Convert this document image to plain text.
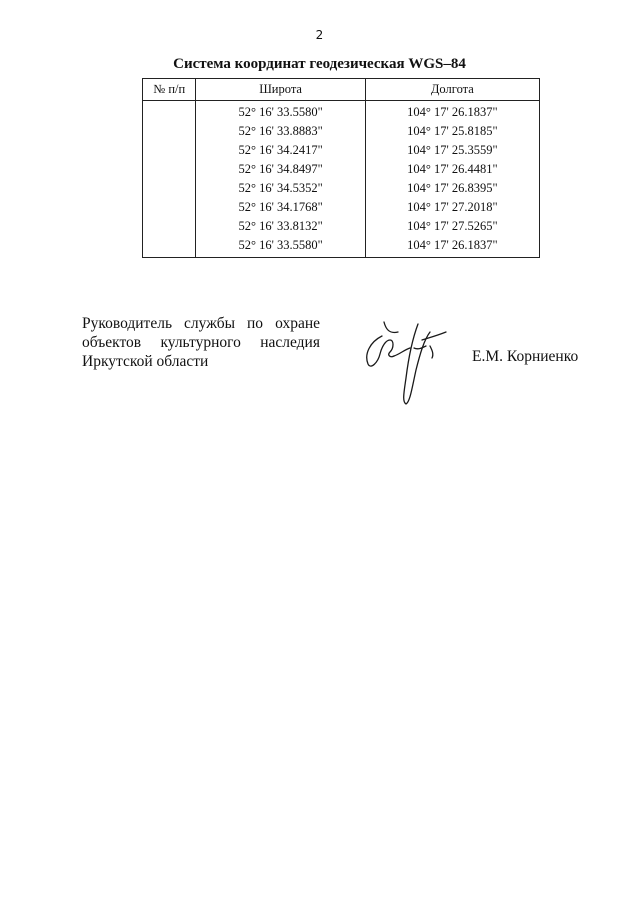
2
Система координат геодезическая WGS–84
№ п/п	Широта	Долгота
	52° 16' 33.5580"	104° 17' 26.1837"
	52° 16' 33.8883"	104° 17' 25.8185"
	52° 16' 34.2417"	104° 17' 25.3559"
	52° 16' 34.8497"	104° 17' 26.4481"
	52° 16' 34.5352"	104° 17' 26.8395"
	52° 16' 34.1768"	104° 17' 27.2018"
	52° 16' 33.8132"	104° 17' 27.5265"
	52° 16' 33.5580"	104° 17' 26.1837"
Руководитель службы по охране
объектов культурного наследия
Иркутской области	Е.М. Корниенко
